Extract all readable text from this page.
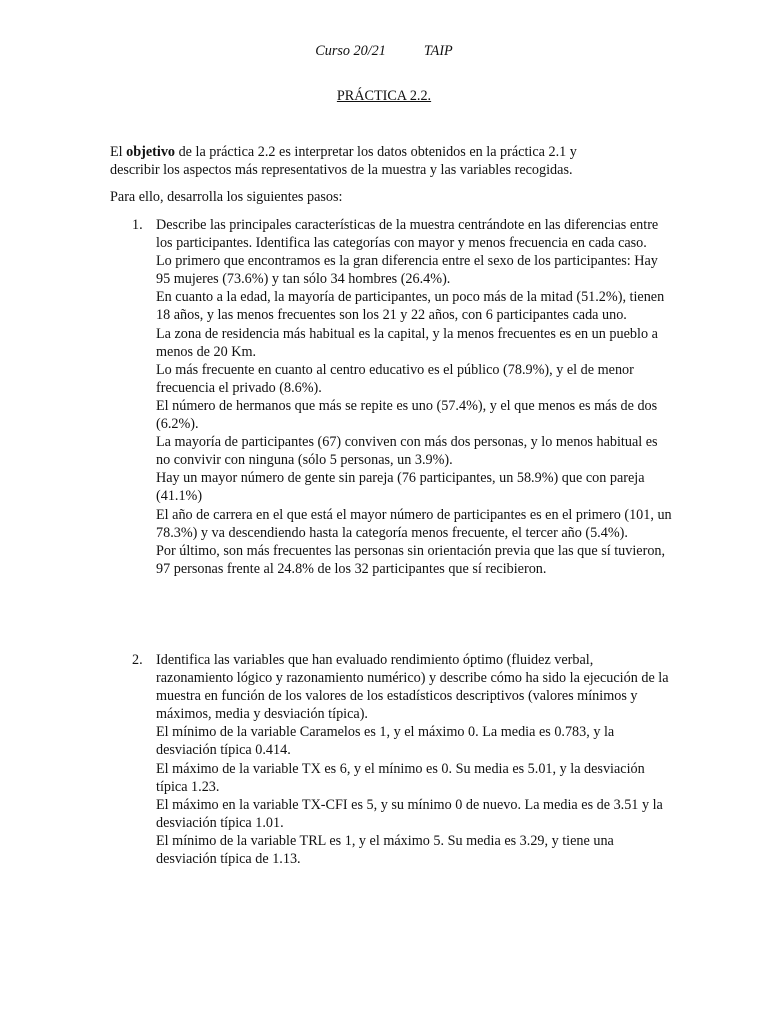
Curso 20/21	TAIP
PRÁCTICA 2.2.
El objetivo de la práctica 2.2 es interpretar los datos obtenidos en la práctica 2.1 y describir los aspectos más representativos de la muestra y las variables recogidas.
Para ello, desarrolla los siguientes pasos:
1. Describe las principales características de la muestra centrándote en las diferencias entre los participantes. Identifica las categorías con mayor y menos frecuencia en cada caso.

Lo primero que encontramos es la gran diferencia entre el sexo de los participantes: Hay 95 mujeres (73.6%) y tan sólo 34 hombres (26.4%).

En cuanto a la edad, la mayoría de participantes, un poco más de la mitad (51.2%), tienen 18 años, y las menos frecuentes son los 21 y 22 años, con 6 participantes cada uno.

La zona de residencia más habitual es la capital, y la menos frecuentes es en un pueblo a menos de 20 Km.

Lo más frecuente en cuanto al centro educativo es el público (78.9%), y el de menor frecuencia el privado (8.6%).

El número de hermanos que más se repite es uno (57.4%), y el que menos es más de dos (6.2%).

La mayoría de participantes (67) conviven con más dos personas, y lo menos habitual es no convivir con ninguna (sólo 5 personas, un 3.9%).

Hay un mayor número de gente sin pareja (76 participantes, un 58.9%) que con pareja (41.1%)

El año de carrera en el que está el mayor número de participantes es en el primero (101, un 78.3%) y va descendiendo hasta la categoría menos frecuente, el tercer año (5.4%).

Por último, son más frecuentes las personas sin orientación previa que las que sí tuvieron, 97 personas frente al 24.8% de los 32 participantes que sí recibieron.

2. Identifica las variables que han evaluado rendimiento óptimo (fluidez verbal, razonamiento lógico y razonamiento numérico) y describe cómo ha sido la ejecución de la muestra en función de los valores de los estadísticos descriptivos (valores mínimos y máximos, media y desviación típica).

El mínimo de la variable Caramelos es 1, y el máximo 0. La media es 0.783, y la desviación típica 0.414.

El máximo de la variable TX es 6, y el mínimo es 0. Su media es 5.01, y la desviación típica 1.23.

El máximo en la variable TX-CFI es 5, y su mínimo 0 de nuevo. La media es de 3.51 y la desviación típica 1.01.

El mínimo de la variable TRL es 1, y el máximo 5. Su media es 3.29, y tiene una desviación típica de 1.13.
